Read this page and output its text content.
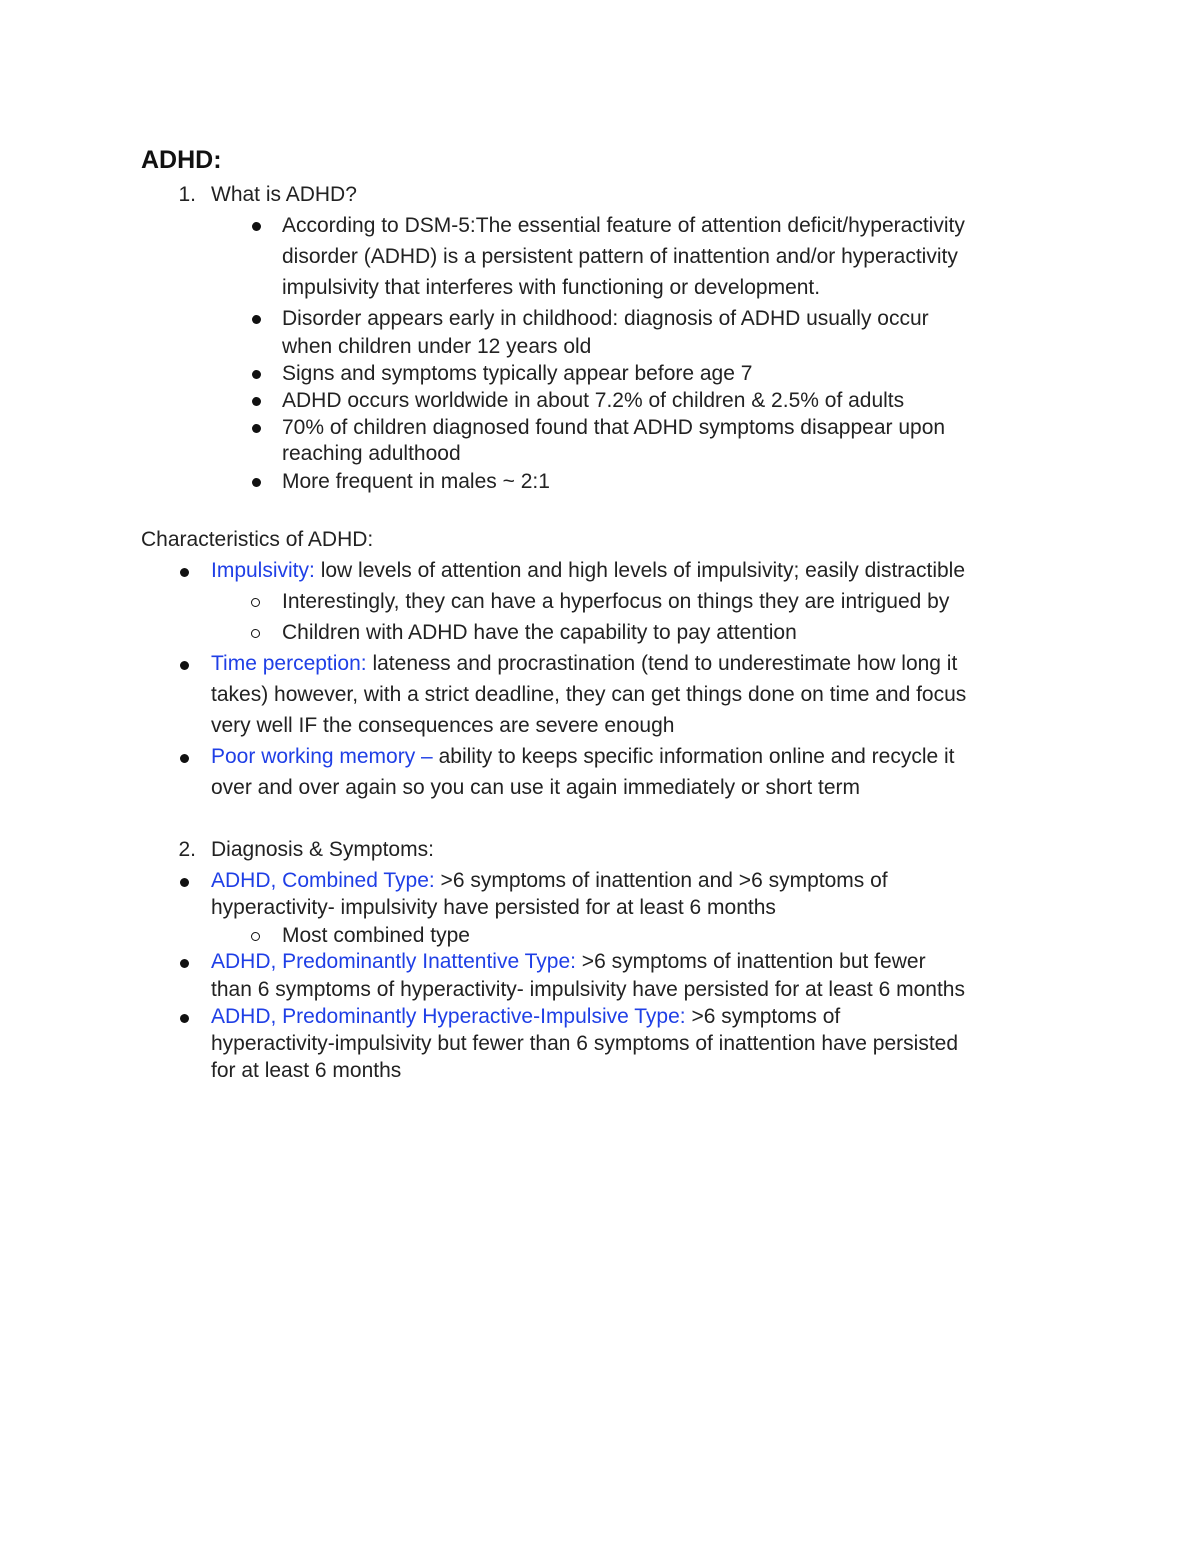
ADHD:
1. What is ADHD?
According to DSM-5:The essential feature of attention deficit/hyperactivity
disorder (ADHD) is a persistent pattern of inattention and/or hyperactivity
impulsivity that interferes with functioning or development.
Disorder appears early in childhood: diagnosis of ADHD usually occur
when children under 12 years old
Signs and symptoms typically appear before age 7
ADHD occurs worldwide in about 7.2% of children & 2.5% of adults
70% of children diagnosed found that ADHD symptoms disappear upon
reaching adulthood
More frequent in males ~ 2:1
Characteristics of ADHD:
Impulsivity: low levels of attention and high levels of impulsivity; easily distractible
Interestingly, they can have a hyperfocus on things they are intrigued by
Children with ADHD have the capability to pay attention
Time perception: lateness and procrastination (tend to underestimate how long it
takes) however, with a strict deadline, they can get things done on time and focus
very well IF the consequences are severe enough
Poor working memory – ability to keeps specific information online and recycle it
over and over again so you can use it again immediately or short term
2. Diagnosis & Symptoms:
ADHD, Combined Type: >6 symptoms of inattention and >6 symptoms of
hyperactivity- impulsivity have persisted for at least 6 months
Most combined type
ADHD, Predominantly Inattentive Type: >6 symptoms of inattention but fewer
than 6 symptoms of hyperactivity- impulsivity have persisted for at least 6 months
ADHD, Predominantly Hyperactive-Impulsive Type: >6 symptoms of
hyperactivity-impulsivity but fewer than 6 symptoms of inattention have persisted
for at least 6 months
